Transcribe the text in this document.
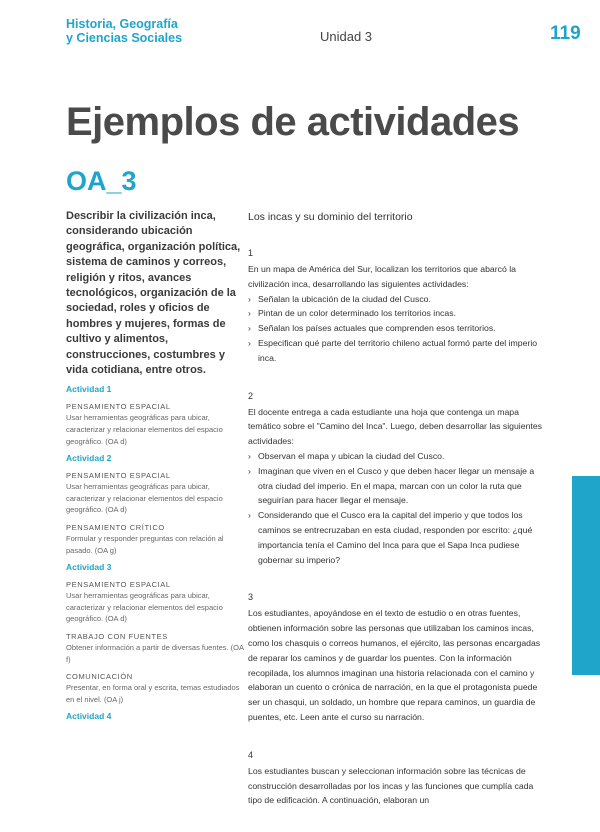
Historia, Geografía
y Ciencias Sociales	Unidad 3	119
Ejemplos de actividades
OA_3

Describir la civilización inca, considerando ubicación geográfica, organización política, sistema de caminos y correos, religión y ritos, avances tecnológicos, organización de la sociedad, roles y oficios de hombres y mujeres, formas de cultivo y alimentos, construcciones, costumbres y vida cotidiana, entre otros.

Actividad 1

PENSAMIENTO ESPACIAL

Usar herramientas geográficas para ubicar, caracterizar y relacionar elementos del espacio geográfico. (OA d)

Actividad 2

PENSAMIENTO ESPACIAL

Usar herramientas geográficas para ubicar, caracterizar y relacionar elementos del espacio geográfico. (OA d)

PENSAMIENTO CRÍTICO

Formular y responder preguntas con relación al pasado. (OA g)

Actividad 3

PENSAMIENTO ESPACIAL

Usar herramientas geográficas para ubicar, caracterizar y relacionar elementos del espacio geográfico. (OA d)

TRABAJO CON FUENTES

Obtener información a partir de diversas fuentes. (OA f)

COMUNICACIÓN

Presentar, en forma oral y escrita, temas estudiados en el nivel. (OA j)

Actividad 4

Los incas y su dominio del territorio

1

En un mapa de América del Sur, localizan los territorios que abarcó la civilización inca, desarrollando las siguientes actividades:

› Señalan la ubicación de la ciudad del Cusco.
› Pintan de un color determinado los territorios incas.
› Señalan los países actuales que comprenden esos territorios.
› Especifican qué parte del territorio chileno actual formó parte del imperio inca.

2

El docente entrega a cada estudiante una hoja que contenga un mapa temático sobre el "Camino del Inca". Luego, deben desarrollar las siguientes actividades:

› Observan el mapa y ubican la ciudad del Cusco.
› Imaginan que viven en el Cusco y que deben hacer llegar un mensaje a otra ciudad del imperio. En el mapa, marcan con un color la ruta que seguirían para hacer llegar el mensaje.
› Considerando que el Cusco era la capital del imperio y que todos los caminos se entrecruzaban en esta ciudad, responden por escrito: ¿qué importancia tenía el Camino del Inca para que el Sapa Inca pudiese gobernar su imperio?

3

Los estudiantes, apoyándose en el texto de estudio o en otras fuentes, obtienen información sobre las personas que utilizaban los caminos incas, como los chasquis o correos humanos, el ejército, las personas encargadas de reparar los caminos y de guardar los puentes. Con la información recopilada, los alumnos imaginan una historia relacionada con el camino y elaboran un cuento o crónica de narración, en la que el protagonista puede ser un chasqui, un soldado, un hombre que repara caminos, un guardia de puentes, etc. Leen ante el curso su narración.

4

Los estudiantes buscan y seleccionan información sobre las técnicas de construcción desarrolladas por los incas y las funciones que cumplía cada tipo de edificación. A continuación, elaboran un
